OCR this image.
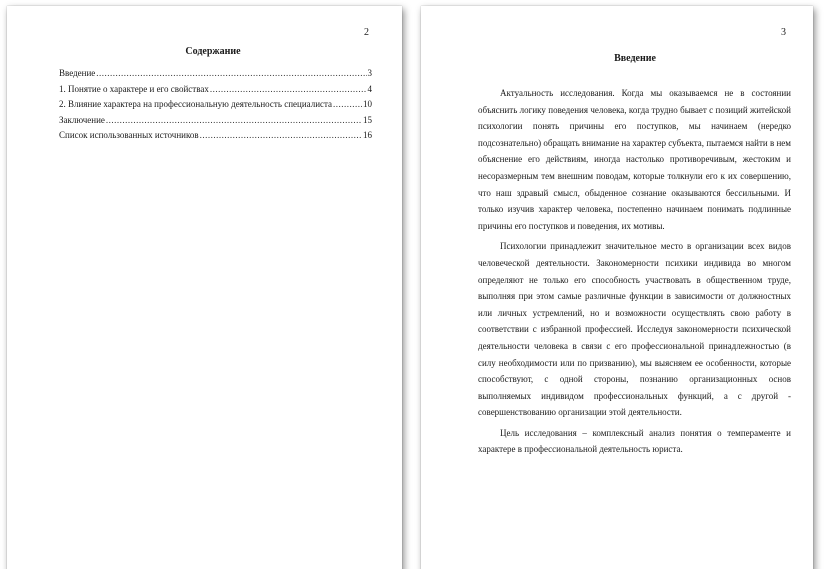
2
Содержание
Введение .....	3
1. Понятие о характере и его свойствах .....	4
2. Влияние характера на профессиональную деятельность специалиста .....	10
Заключение .....	15
Список использованных источников .....	16
3
Введение

Актуальность исследования. Когда мы оказываемся не в состоянии объяснить логику поведения человека, когда трудно бывает с позиций житейской психологии понять причины его поступков, мы начинаем (нередко подсознательно) обращать внимание на характер субъекта, пытаемся найти в нем объяснение его действиям, иногда настолько противоречивым, жестоким и несоразмерным тем внешним поводам, которые толкнули его к их совершению, что наш здравый смысл, обыденное сознание оказываются бессильными. И только изучив характер человека, постепенно начинаем понимать подлинные причины его поступков и поведения, их мотивы.

Психологии принадлежит значительное место в организации всех видов человеческой деятельности. Закономерности психики индивида во многом определяют не только его способность участвовать в общественном труде, выполняя при этом самые различные функции в зависимости от должностных или личных устремлений, но и возможности осуществлять свою работу в соответствии с избранной профессией. Исследуя закономерности психической деятельности человека в связи с его профессиональной принадлежностью (в силу необходимости или по призванию), мы выясняем ее особенности, которые способствуют, с одной стороны, познанию организационных основ выполняемых индивидом профессиональных функций, а с другой - совершенствованию организации этой деятельности.

Цель исследования – комплексный анализ понятия о темпераменте и характере в профессиональной деятельность юриста.
